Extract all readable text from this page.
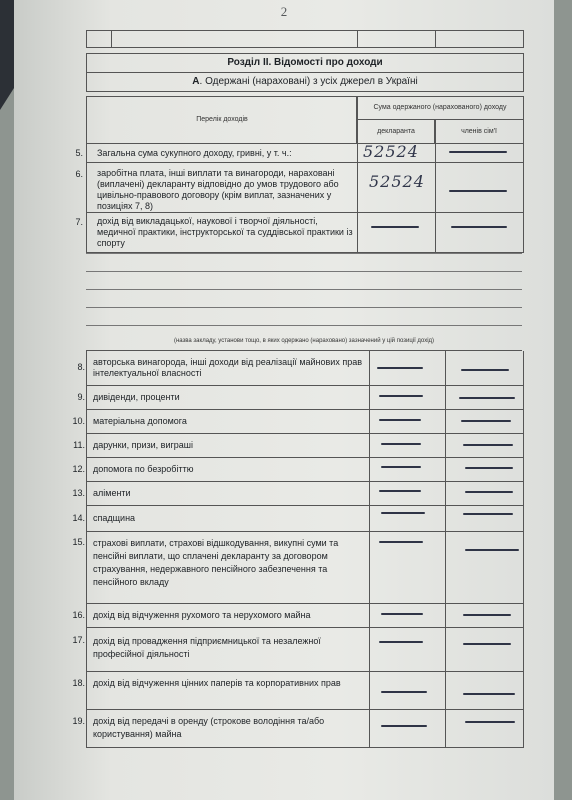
2
Розділ ІІ. Відомості про доходи
А. Одержані (нараховані) з усіх джерел в Україні
Перелік доходів
Сума одержаного (нарахованого) доходу
декларанта	членів сім'ї
5. Загальна сума сукупного доходу, гривні, у т. ч.:	52524
6. заробітна плата, інші виплати та винагороди, нараховані (виплачені) декларанту відповідно до умов трудового або цивільно-правового договору (крім виплат, зазначених у позиціях 7, 8)
52524
7. дохід від викладацької, наукової і творчої діяльності, медичної практики, інструкторської та суддівської практики із спорту
(назва закладу, установи тощо, в яких одержано (нараховано) зазначений у цій позиції дохід)
8. авторська винагорода, інші доходи від реалізації майнових прав інтелектуальної власності
9. дивіденди, проценти
10. матеріальна допомога
11. дарунки, призи, виграші
12. допомога по безробіттю
13. аліменти
14. спадщина
15. страхові виплати, страхові відшкодування, викупні суми та пенсійні виплати, що сплачені декларанту за договором страхування, недержавного пенсійного забезпечення та пенсійного вкладу
16. дохід від відчуження рухомого та нерухомого майна
17. дохід від провадження підприємницької та незалежної професійної діяльності
18. дохід від відчуження цінних паперів та корпоративних прав
19. дохід від передачі в оренду (строкове володіння та/або користування) майна
